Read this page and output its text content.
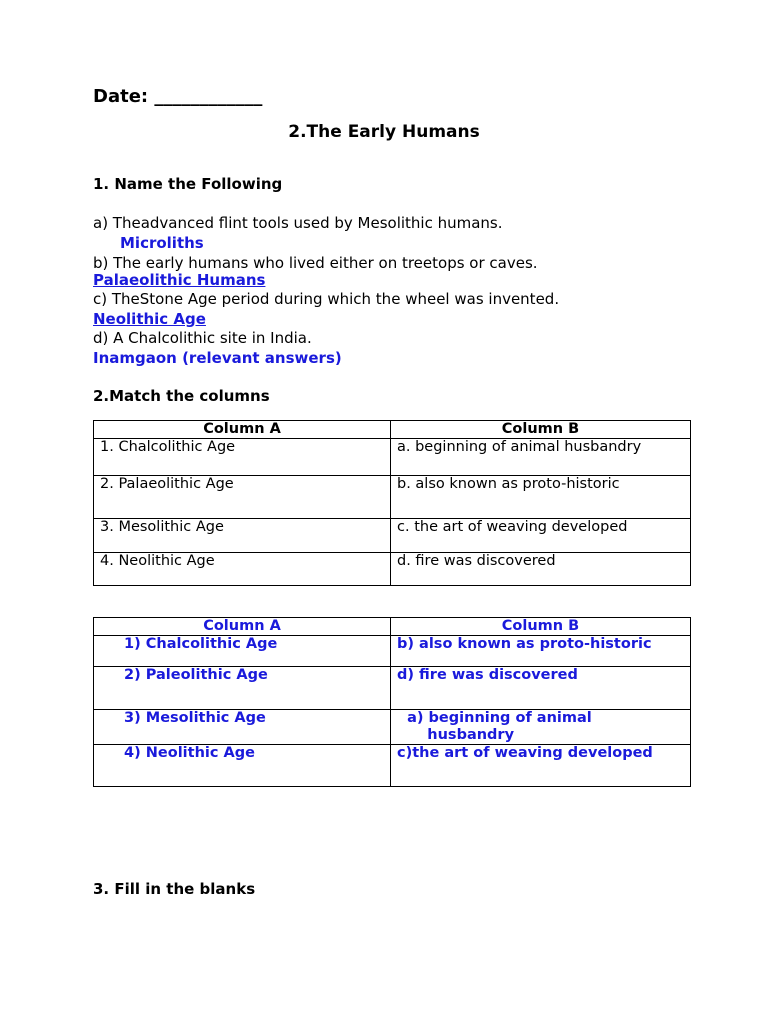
Date: ____________
2.The Early Humans
1. Name the Following
a) Theadvanced flint tools used by Mesolithic humans.
Microliths
b) The early humans who lived either on treetops or caves.
Palaeolithic Humans
c) TheStone Age period during which the wheel was invented.
Neolithic Age
d) A Chalcolithic site in India.
Inamgaon (relevant answers)
2.Match the columns
Column A	Column B
1. Chalcolithic Age	a. beginning of animal husbandry
2. Palaeolithic Age	b. also known as proto-historic
3. Mesolithic Age	c. the art of weaving developed
4. Neolithic Age	d. fire was discovered
Column A	Column B
1) Chalcolithic Age	b) also known as proto-historic
2) Paleolithic Age	d) fire was discovered
3) Mesolithic Age	a) beginning of animal
husbandry
4) Neolithic Age	c)the art of weaving developed
3. Fill in the blanks
